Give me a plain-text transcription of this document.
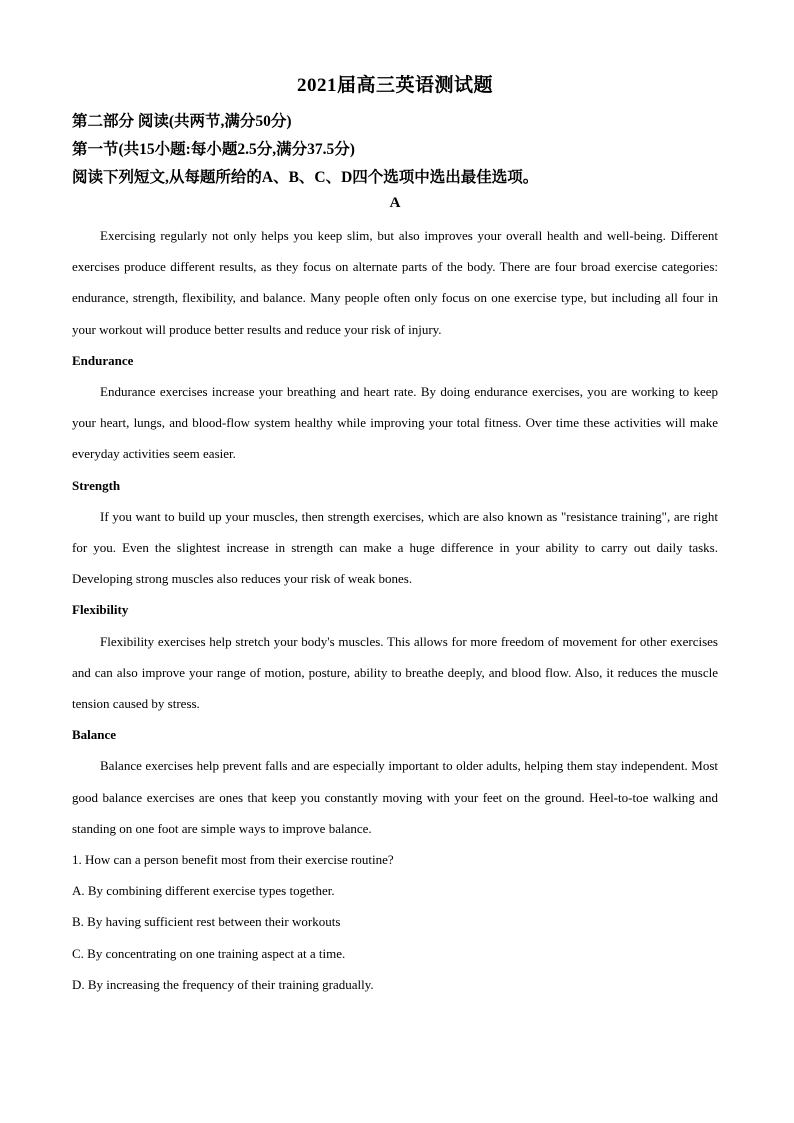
2021届高三英语测试题
第二部分 阅读(共两节,满分50分)
第一节(共15小题:每小题2.5分,满分37.5分)
阅读下列短文,从每题所给的A、B、C、D四个选项中选出最佳选项。
A

Exercising regularly not only helps you keep slim, but also improves your overall health and well-being. Different exercises produce different results, as they focus on alternate parts of the body. There are four broad exercise categories: endurance, strength, flexibility, and balance. Many people often only focus on one exercise type, but including all four in your workout will produce better results and reduce your risk of injury.

Endurance

Endurance exercises increase your breathing and heart rate. By doing endurance exercises, you are working to keep your heart, lungs, and blood-flow system healthy while improving your total fitness. Over time these activities will make everyday activities seem easier.

Strength

If you want to build up your muscles, then strength exercises, which are also known as "resistance training", are right for you. Even the slightest increase in strength can make a huge difference in your ability to carry out daily tasks. Developing strong muscles also reduces your risk of weak bones.

Flexibility

Flexibility exercises help stretch your body's muscles. This allows for more freedom of movement for other exercises and can also improve your range of motion, posture, ability to breathe deeply, and blood flow. Also, it reduces the muscle tension caused by stress.

Balance

Balance exercises help prevent falls and are especially important to older adults, helping them stay independent. Most good balance exercises are ones that keep you constantly moving with your feet on the ground. Heel-to-toe walking and standing on one foot are simple ways to improve balance.

1. How can a person benefit most from their exercise routine?
A. By combining different exercise types together.
B. By having sufficient rest between their workouts
C. By concentrating on one training aspect at a time.
D. By increasing the frequency of their training gradually.
